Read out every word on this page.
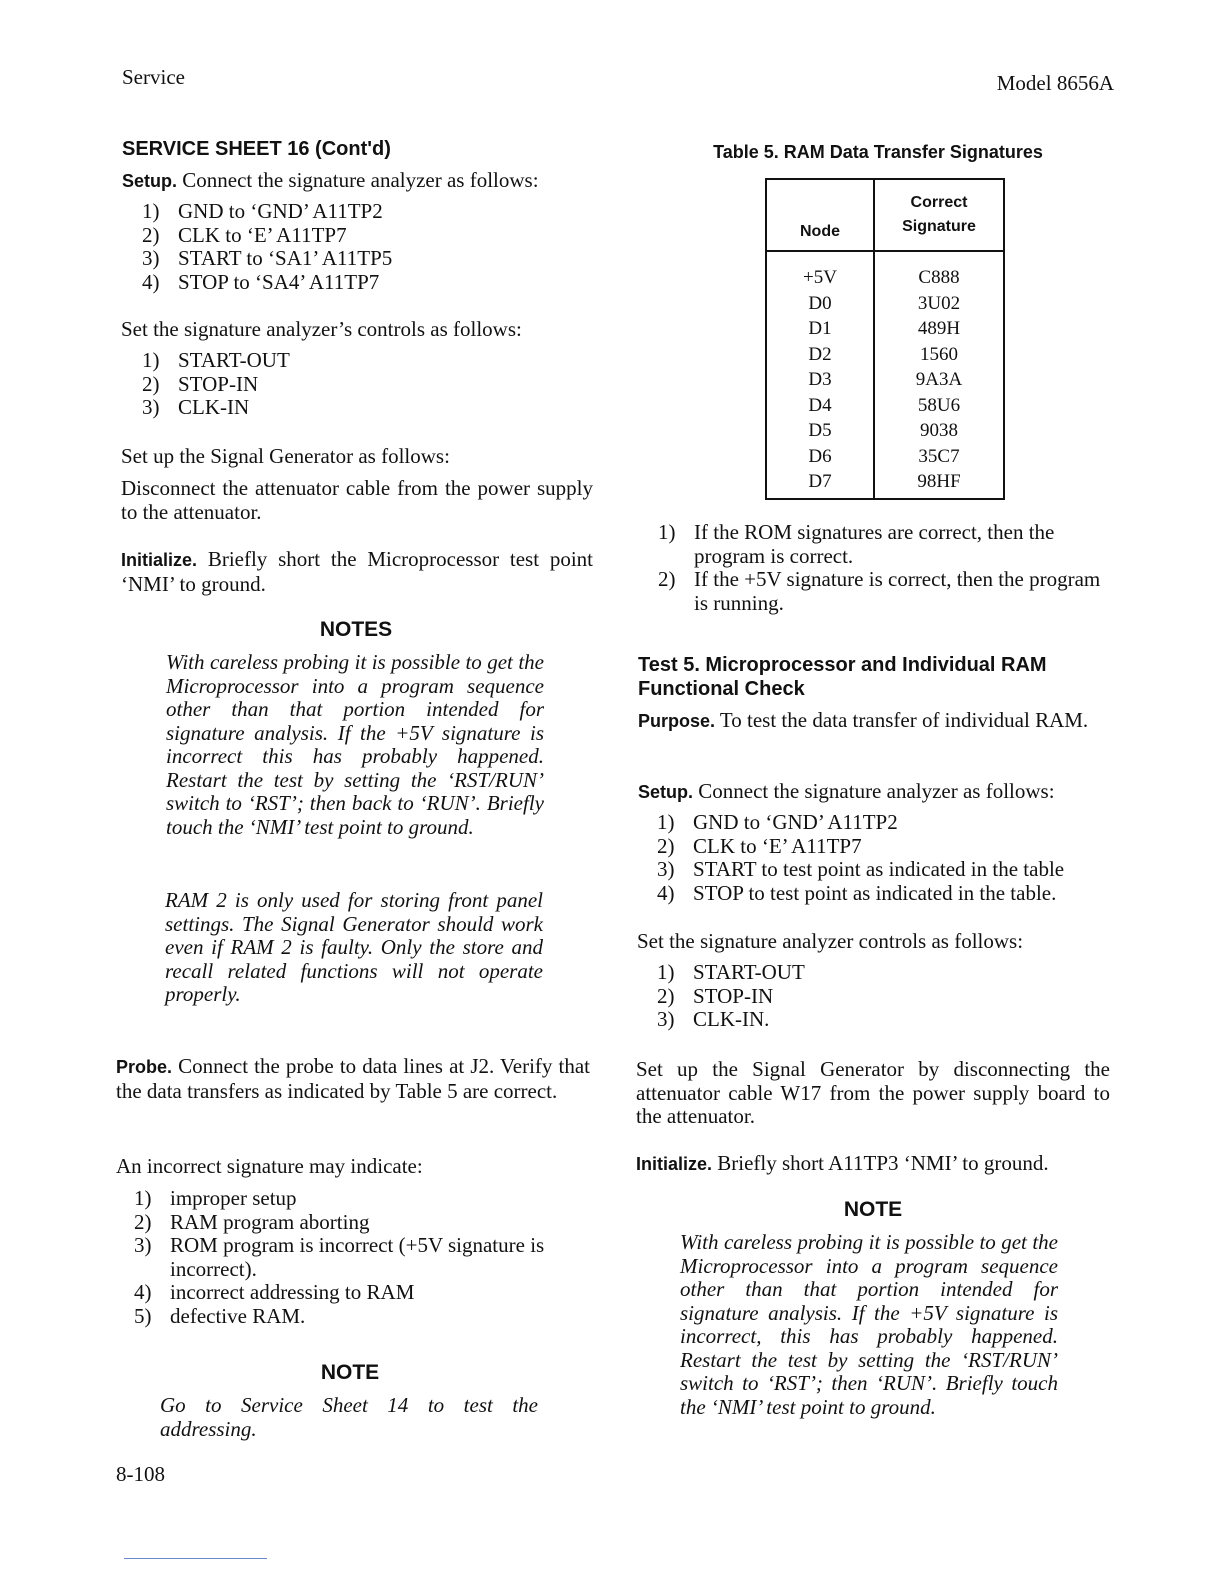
Service	Model 8656A
SERVICE SHEET 16 (Cont'd)
Setup. Connect the signature analyzer as follows:
1) GND to ‘GND’ A11TP2
2) CLK to ‘E’ A11TP7
3) START to ‘SA1’ A11TP5
4) STOP to ‘SA4’ A11TP7
Set the signature analyzer’s controls as follows:
1) START-OUT
2) STOP-IN
3) CLK-IN
Set up the Signal Generator as follows:
Disconnect the attenuator cable from the power supply to the attenuator.
Initialize. Briefly short the Microprocessor test point ‘NMI’ to ground.
NOTES
With careless probing it is possible to get the Microprocessor into a program sequence other than that portion intended for signature analysis. If the +5V signature is incorrect this has probably happened. Restart the test by setting the ‘RST/RUN’ switch to ‘RST’; then back to ‘RUN’. Briefly touch the ‘NMI’ test point to ground.
RAM 2 is only used for storing front panel settings. The Signal Generator should work even if RAM 2 is faulty. Only the store and recall related functions will not operate properly.
Probe. Connect the probe to data lines at J2. Verify that the data transfers as indicated by Table 5 are correct.
An incorrect signature may indicate:
1) improper setup
2) RAM program aborting
3) ROM program is incorrect (+5V signature is incorrect).
4) incorrect addressing to RAM
5) defective RAM.
NOTE
Go to Service Sheet 14 to test the addressing.
8-108
Table 5. RAM Data Transfer Signatures
Node	Correct Signature
+5V	C888
D0	3U02
D1	489H
D2	1560
D3	9A3A
D4	58U6
D5	9038
D6	35C7
D7	98HF
1) If the ROM signatures are correct, then the program is correct.
2) If the +5V signature is correct, then the program is running.
Test 5. Microprocessor and Individual RAM Functional Check
Purpose. To test the data transfer of individual RAM.
Setup. Connect the signature analyzer as follows:
1) GND to ‘GND’ A11TP2
2) CLK to ‘E’ A11TP7
3) START to test point as indicated in the table
4) STOP to test point as indicated in the table.
Set the signature analyzer controls as follows:
1) START-OUT
2) STOP-IN
3) CLK-IN.
Set up the Signal Generator by disconnecting the attenuator cable W17 from the power supply board to the attenuator.
Initialize. Briefly short A11TP3 ‘NMI’ to ground.
NOTE
With careless probing it is possible to get the Microprocessor into a program sequence other than that portion intended for signature analysis. If the +5V signature is incorrect, this has probably happened. Restart the test by setting the ‘RST/RUN’ switch to ‘RST’; then ‘RUN’. Briefly touch the ‘NMI’ test point to ground.
